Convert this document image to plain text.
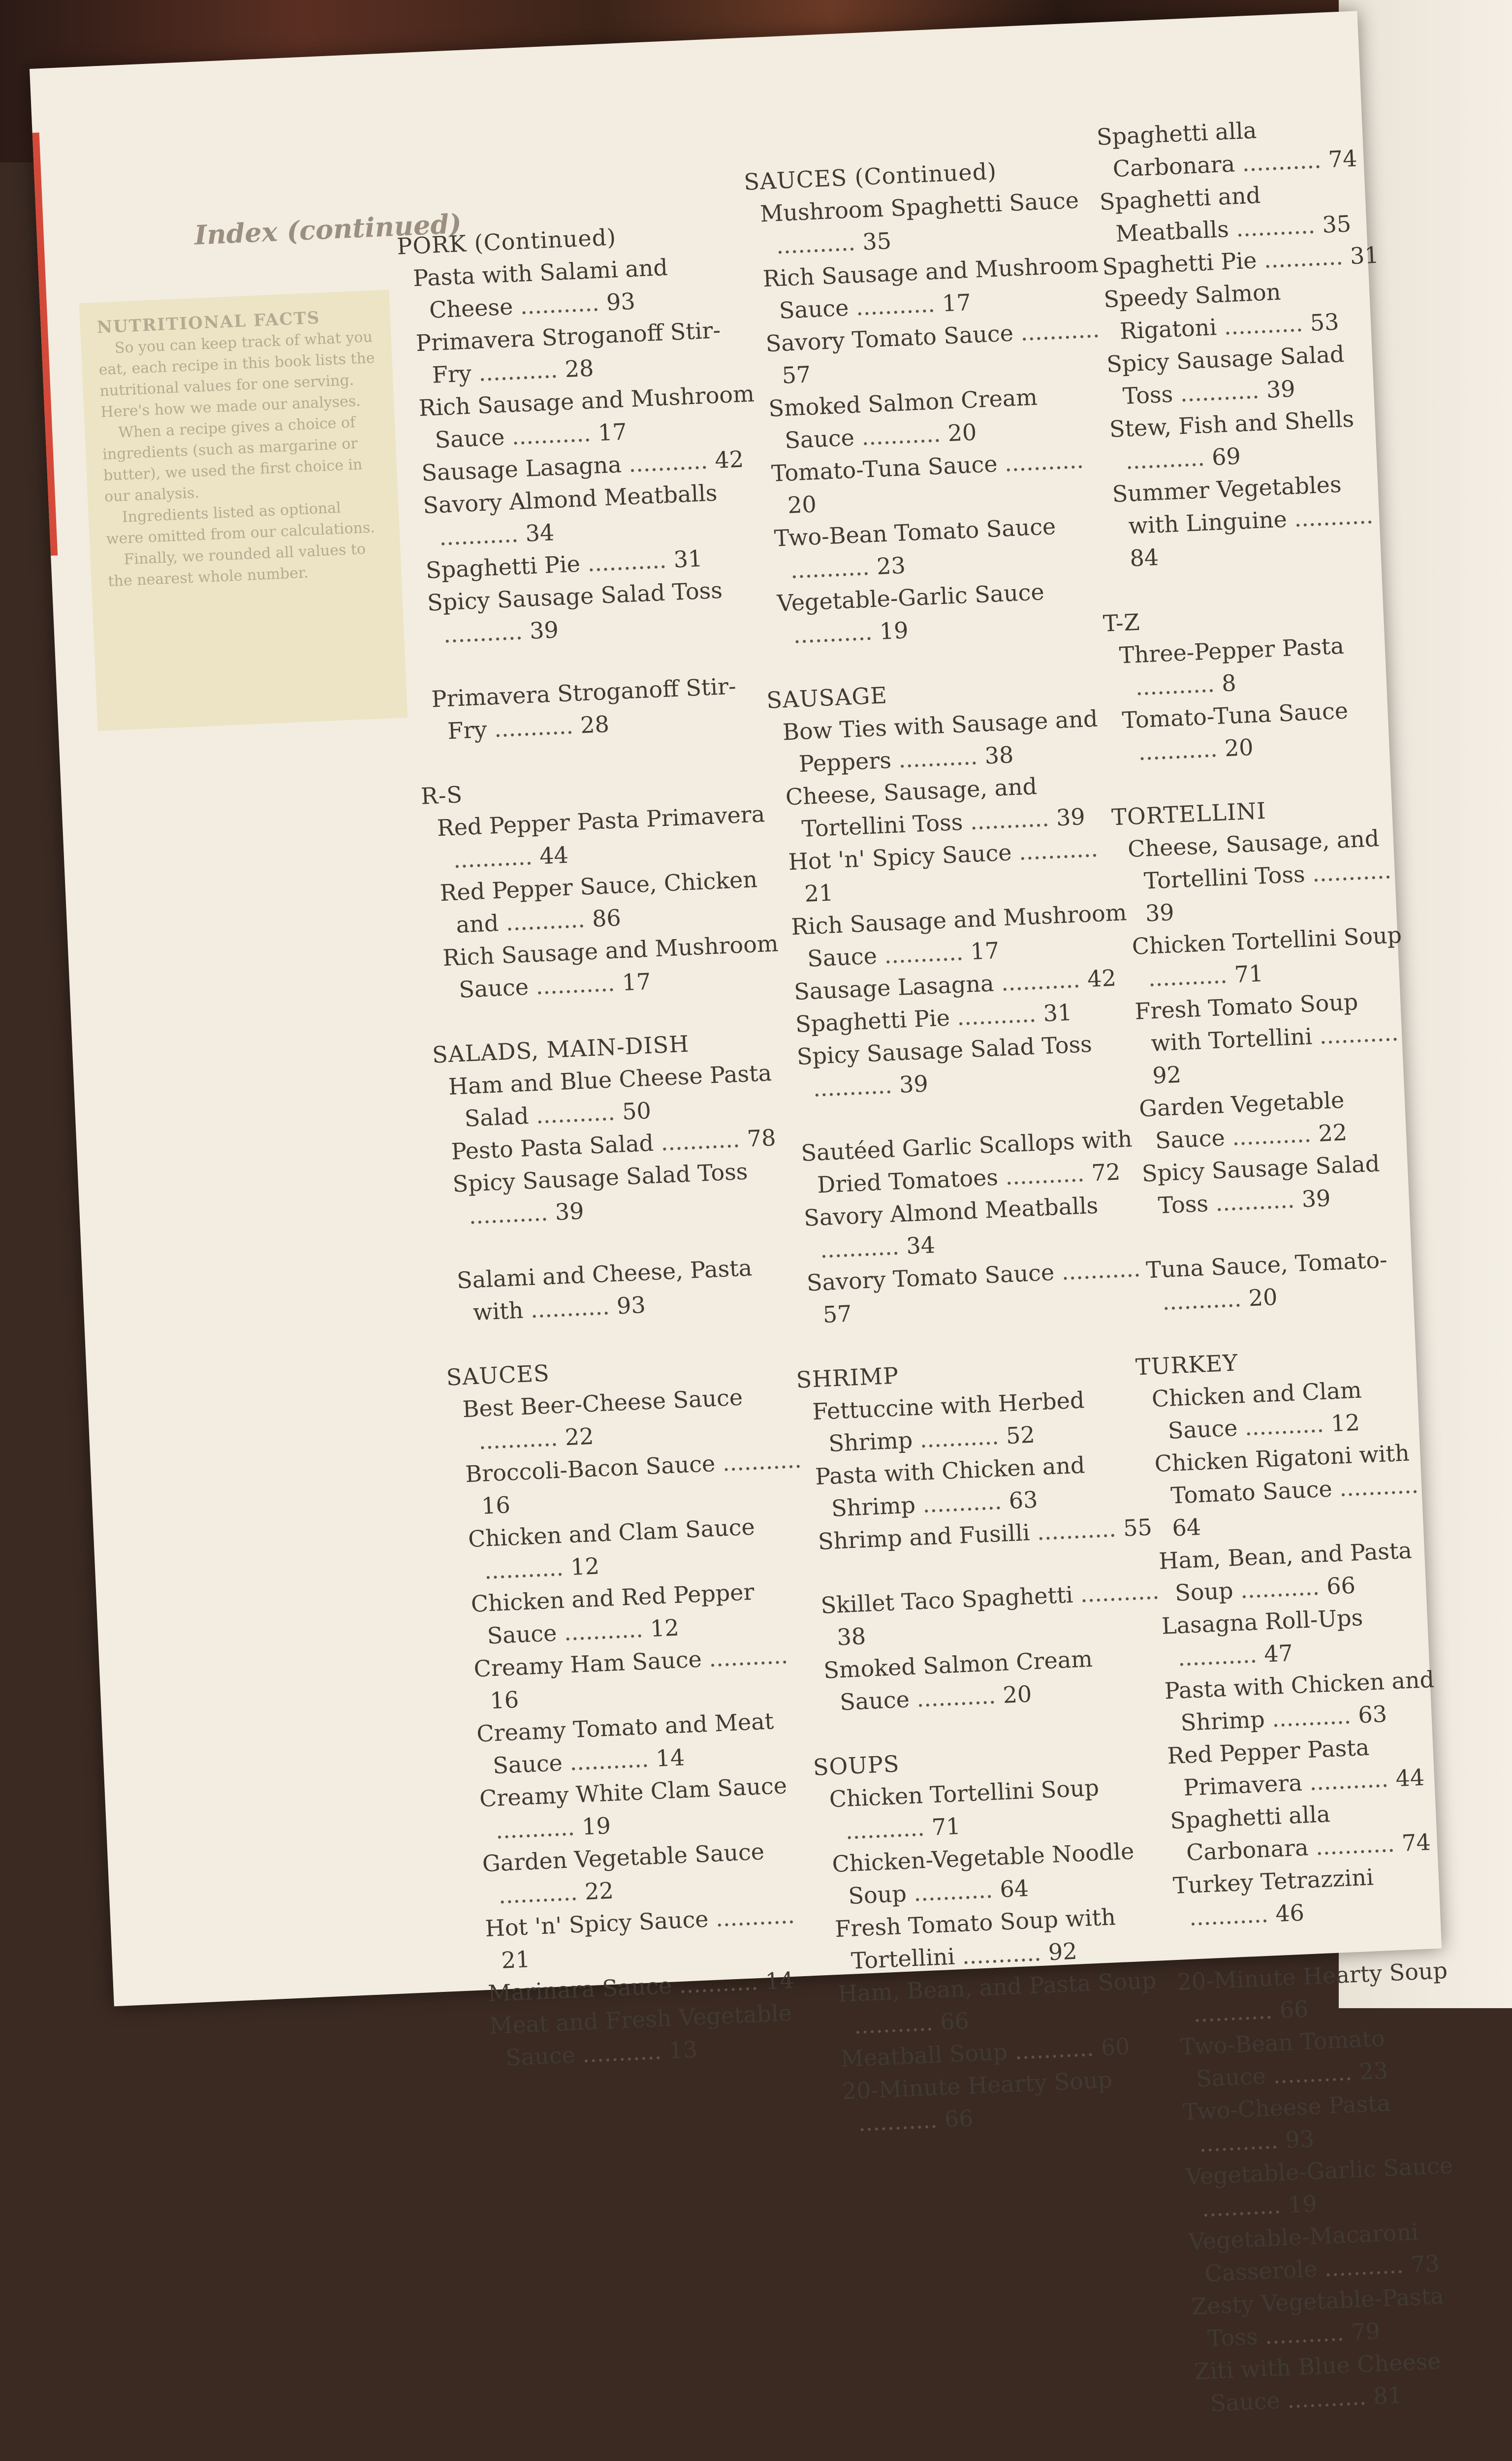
Index (continued)
NUTRITIONAL FACTS

So you can keep track of what you eat, each recipe in this book lists the nutritional values for one serving. Here's how we made our analyses.

When a recipe gives a choice of ingredients (such as margarine or butter), we used the first choice in our analysis.

Ingredients listed as optional were omitted from our calculations.

Finally, we rounded all values to the nearest whole number.

PORK (Continued)
Pasta with Salami and Cheese ........... 93
Primavera Stroganoff Stir-Fry ........... 28
Rich Sausage and Mushroom Sauce ........... 17
Sausage Lasagna ........... 42
Savory Almond Meatballs ........... 34
Spaghetti Pie ........... 31
Spicy Sausage Salad Toss ........... 39
Primavera Stroganoff Stir-Fry ........... 28
R-S
Red Pepper Pasta Primavera ........... 44
Red Pepper Sauce, Chicken and ........... 86
Rich Sausage and Mushroom Sauce ........... 17
SALADS, MAIN-DISH
Ham and Blue Cheese Pasta Salad ........... 50
Pesto Pasta Salad ........... 78
Spicy Sausage Salad Toss ........... 39
Salami and Cheese, Pasta with ........... 93
SAUCES
Best Beer-Cheese Sauce ........... 22
Broccoli-Bacon Sauce ........... 16
Chicken and Clam Sauce ........... 12
Chicken and Red Pepper Sauce ........... 12
Creamy Ham Sauce ........... 16
Creamy Tomato and Meat Sauce ........... 14
Creamy White Clam Sauce ........... 19
Garden Vegetable Sauce ........... 22
Hot 'n' Spicy Sauce ........... 21
Marinara Sauce ........... 14
Meat and Fresh Vegetable Sauce ........... 13
SAUCES (Continued)
Mushroom Spaghetti Sauce ........... 35
Rich Sausage and Mushroom Sauce ........... 17
Savory Tomato Sauce ........... 57
Smoked Salmon Cream Sauce ........... 20
Tomato-Tuna Sauce ........... 20
Two-Bean Tomato Sauce ........... 23
Vegetable-Garlic Sauce ........... 19
SAUSAGE
Bow Ties with Sausage and Peppers ........... 38
Cheese, Sausage, and Tortellini Toss ........... 39
Hot 'n' Spicy Sauce ........... 21
Rich Sausage and Mushroom Sauce ........... 17
Sausage Lasagna ........... 42
Spaghetti Pie ........... 31
Spicy Sausage Salad Toss ........... 39
Sautéed Garlic Scallops with Dried Tomatoes ........... 72
Savory Almond Meatballs ........... 34
Savory Tomato Sauce ........... 57
SHRIMP
Fettuccine with Herbed Shrimp ........... 52
Pasta with Chicken and Shrimp ........... 63
Shrimp and Fusilli ........... 55
Skillet Taco Spaghetti ........... 38
Smoked Salmon Cream Sauce ........... 20
SOUPS
Chicken Tortellini Soup ........... 71
Chicken-Vegetable Noodle Soup ........... 64
Fresh Tomato Soup with Tortellini ........... 92
Ham, Bean, and Pasta Soup ........... 66
Meatball Soup ........... 60
20-Minute Hearty Soup ........... 66
Spaghetti alla Carbonara ........... 74
Spaghetti and Meatballs ........... 35
Spaghetti Pie ........... 31
Speedy Salmon Rigatoni ........... 53
Spicy Sausage Salad Toss ........... 39
Stew, Fish and Shells ........... 69
Summer Vegetables with Linguine ........... 84
T-Z
Three-Pepper Pasta ........... 8
Tomato-Tuna Sauce ........... 20
TORTELLINI
Cheese, Sausage, and Tortellini Toss ........... 39
Chicken Tortellini Soup ........... 71
Fresh Tomato Soup with Tortellini ........... 92
Garden Vegetable Sauce ........... 22
Spicy Sausage Salad Toss ........... 39
Tuna Sauce, Tomato- ........... 20
TURKEY
Chicken and Clam Sauce ........... 12
Chicken Rigatoni with Tomato Sauce ........... 64
Ham, Bean, and Pasta Soup ........... 66
Lasagna Roll-Ups ........... 47
Pasta with Chicken and Shrimp ........... 63
Red Pepper Pasta Primavera ........... 44
Spaghetti alla Carbonara ........... 74
Turkey Tetrazzini ........... 46
20-Minute Hearty Soup ........... 66
Two-Bean Tomato Sauce ........... 23
Two-Cheese Pasta ........... 93
Vegetable-Garlic Sauce ........... 19
Vegetable-Macaroni Casserole ........... 73
Zesty Vegetable-Pasta Toss ........... 79
Ziti with Blue Cheese Sauce ........... 81
